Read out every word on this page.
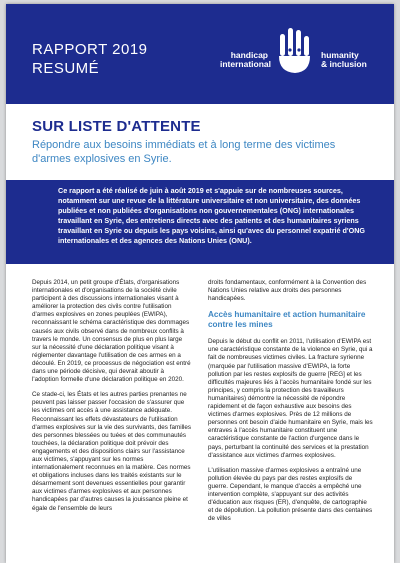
RAPPORT 2019
RESUMÉ
handicap
international
humanity
& inclusion
SUR LISTE D'ATTENTE
Répondre aux besoins immédiats et à long terme des victimes d'armes explosives en Syrie.
Ce rapport a été réalisé de juin à août 2019 et s'appuie sur de nombreuses sources, notamment sur une revue de la littérature universitaire et non universitaire, des données publiées et non publiées d'organisations non gouvernementales (ONG) internationales travaillant en Syrie, des entretiens directs avec des patients et des humanitaires syriens travaillant en Syrie ou depuis les pays voisins, ainsi qu'avec du personnel expatrié d'ONG internationales et des agences des Nations Unies (ONU).

Depuis 2014, un petit groupe d'États, d'organisations internationales et d'organisations de la société civile participent à des discussions internationales visant à améliorer la protection des civils contre l'utilisation d'armes explosives en zones peuplées (EWIPA), reconnaissant le schéma caractéristique des dommages causés aux civils observé dans de nombreux conflits à travers le monde. Un consensus de plus en plus large sur la nécessité d'une déclaration politique visant à réglementer davantage l'utilisation de ces armes en a découlé. En 2019, ce processus de négociation est entré dans une période décisive, qui devrait aboutir à l'adoption formelle d'une déclaration politique en 2020.

Ce stade-ci, les États et les autres parties prenantes ne peuvent pas laisser passer l'occasion de s'assurer que les victimes ont accès à une assistance adéquate. Reconnaissant les effets dévastateurs de l'utilisation d'armes explosives sur la vie des survivants, des familles des personnes blessées ou tuées et des communautés touchées, la déclaration politique doit prévoir des engagements et des dispositions clairs sur l'assistance aux victimes, s'appuyant sur les normes internationalement reconnues en la matière. Ces normes et obligations incluses dans les traités existants sur le désarmement sont devenues essentielles pour garantir aux victimes d'armes explosives et aux personnes handicapées par d'autres causes la jouissance pleine et égale de l'ensemble de leurs

droits fondamentaux, conformément à la Convention des Nations Unies relative aux droits des personnes handicapées.

Accès humanitaire et action humanitaire contre les mines

Depuis le début du conflit en 2011, l'utilisation d'EWIPA est une caractéristique constante de la violence en Syrie, qui a fait de nombreuses victimes civiles. La fracture syrienne (marquée par l'utilisation massive d'EWIPA, la forte pollution par les restes explosifs de guerre [REG] et les difficultés majeures liés à l'accès humanitaire fondé sur les principes, y compris la protection des travailleurs humanitaires) démontre la nécessité de répondre rapidement et de façon exhaustive aux besoins des victimes d'armes explosives. Près de 12 millions de personnes ont besoin d'aide humanitaire en Syrie, mais les entraves à l'accès humanitaire constituent une caractéristique constante de l'action d'urgence dans le pays, perturbant la continuité des services et la prestation d'assistance aux victimes d'armes explosives.

L'utilisation massive d'armes explosives a entraîné une pollution élevée du pays par des restes explosifs de guerre. Cependant, le manque d'accès a empêché une intervention complète, s'appuyant sur des activités d'éducation aux risques (ER), d'enquête, de cartographie et de dépollution. La pollution présente dans des centaines de villes
